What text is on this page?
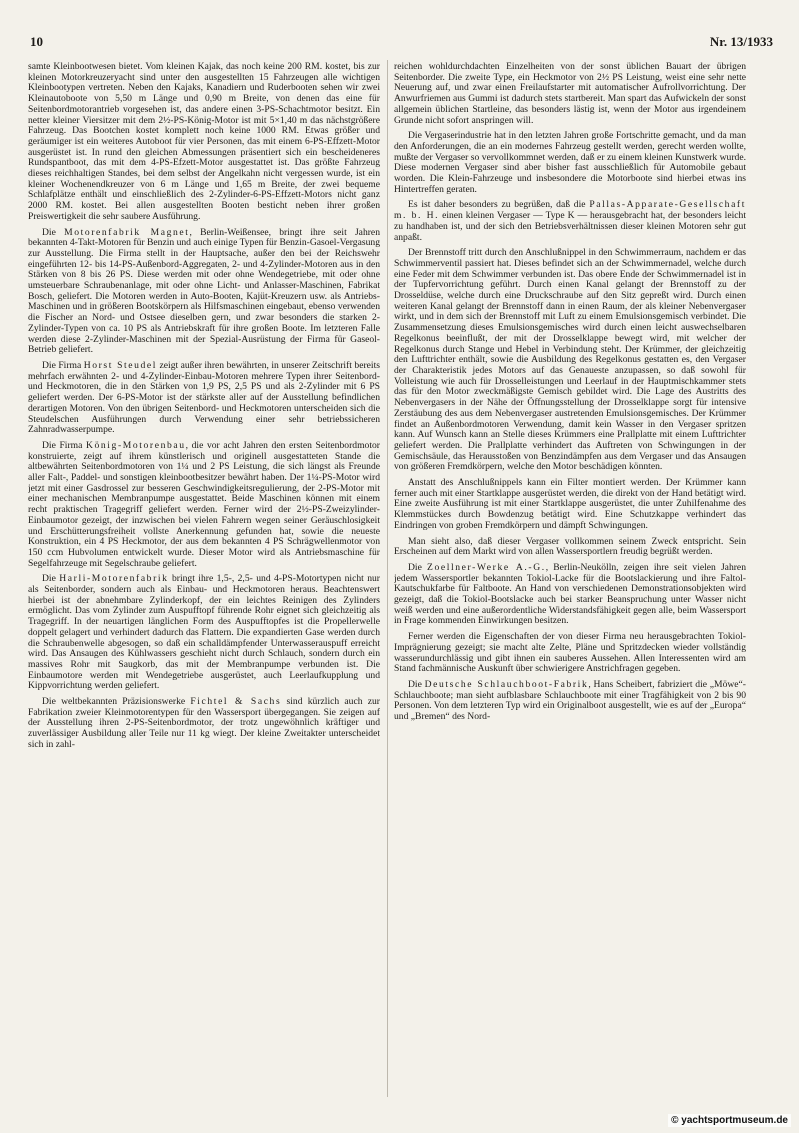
10	Nr. 13/1933

samte Kleinbootwesen bietet. Vom kleinen Kajak, das noch keine 200 RM. kostet, bis zur kleinen Motorkreuzeryacht sind unter den ausgestellten 15 Fahrzeugen alle wichtigen Kleinbootypen vertreten. Neben den Kajaks, Kanadiern und Ruderbooten sehen wir zwei Kleinautoboote von 5,50 m Länge und 0,90 m Breite, von denen das eine für Seitenbordmotorantrieb vorgesehen ist, das andere einen 3-PS-Schachtmotor besitzt. Ein netter kleiner Viersitzer mit dem 2½-PS-König-Motor ist mit 5×1,40 m das nächstgrößere Fahrzeug. Das Bootchen kostet komplett noch keine 1000 RM. Etwas größer und geräumiger ist ein weiteres Autoboot für vier Personen, das mit einem 6-PS-Effzett-Motor ausgerüstet ist. In rund den gleichen Abmessungen präsentiert sich ein bescheideneres Rundspantboot, das mit dem 4-PS-Efzett-Motor ausgestattet ist. Das größte Fahrzeug dieses reichhaltigen Standes, bei dem selbst der Angelkahn nicht vergessen wurde, ist ein kleiner Wochenendkreuzer von 6 m Länge und 1,65 m Breite, der zwei bequeme Schlafplätze enthält und einschließlich des 2-Zylinder-6-PS-Effzett-Motors nicht ganz 2000 RM. kostet. Bei allen ausgestellten Booten besticht neben ihrer großen Preiswertigkeit die sehr saubere Ausführung.

Die Motorenfabrik Magnet, Berlin-Weißensee, bringt ihre seit Jahren bekannten 4-Takt-Motoren für Benzin und auch einige Typen für Benzin-Gasoel-Vergasung zur Ausstellung. Die Firma stellt in der Hauptsache, außer den bei der Reichswehr eingeführten 12- bis 14-PS-Außenbord-Aggregaten, 2- und 4-Zylinder-Motoren aus in den Stärken von 8 bis 26 PS. Diese werden mit oder ohne Wendegetriebe, mit oder ohne umsteuerbare Schraubenanlage, mit oder ohne Licht- und Anlasser-Maschinen, Fabrikat Bosch, geliefert. Die Motoren werden in Auto-Booten, Kajüt-Kreuzern usw. als Antriebs-Maschinen und in größeren Bootskörpern als Hilfsmaschinen eingebaut, ebenso verwenden die Fischer an Nord- und Ostsee dieselben gern, und zwar besonders die starken 2-Zylinder-Typen von ca. 10 PS als Antriebskraft für ihre großen Boote. Im letzteren Falle werden diese 2-Zylinder-Maschinen mit der Spezial-Ausrüstung der Firma für Gaseol-Betrieb geliefert.

Die Firma Horst Steudel zeigt außer ihren bewährten, in unserer Zeitschrift bereits mehrfach erwähnten 2- und 4-Zylinder-Einbau-Motoren mehrere Typen ihrer Seitenbord- und Heckmotoren, die in den Stärken von 1,9 PS, 2,5 PS und als 2-Zylinder mit 6 PS geliefert werden. Der 6-PS-Motor ist der stärkste aller auf der Ausstellung befindlichen derartigen Motoren. Von den übrigen Seitenbord- und Heckmotoren unterscheiden sich die Steudelschen Ausführungen durch Verwendung einer sehr betriebssicheren Zahnradwasserpumpe.

Die Firma König-Motorenbau, die vor acht Jahren den ersten Seitenbordmotor konstruierte, zeigt auf ihrem künstlerisch und originell ausgestatteten Stande die altbewährten Seitenbordmotoren von 1¼ und 2 PS Leistung, die sich längst als Freunde aller Falt-, Paddel- und sonstigen kleinbootbesitzer bewährt haben. Der 1¼-PS-Motor wird jetzt mit einer Gasdrossel zur besseren Geschwindigkeitsregulierung, der 2-PS-Motor mit einer mechanischen Membranpumpe ausgestattet. Beide Maschinen können mit einem recht praktischen Tragegriff geliefert werden. Ferner wird der 2½-PS-Zweizylinder-Einbaumotor gezeigt, der inzwischen bei vielen Fahrern wegen seiner Geräuschlosigkeit und Erschütterungsfreiheit vollste Anerkennung gefunden hat, sowie die neueste Konstruktion, ein 4 PS Heckmotor, der aus dem bekannten 4 PS Schrägwellenmotor von 150 ccm Hubvolumen entwickelt wurde. Dieser Motor wird als Antriebsmaschine für Segelfahrzeuge mit Segelschraube geliefert.

Die Harli-Motorenfabrik bringt ihre 1,5-, 2,5- und 4-PS-Motortypen nicht nur als Seitenborder, sondern auch als Einbau- und Heckmotoren heraus. Beachtenswert hierbei ist der abnehmbare Zylinderkopf, der ein leichtes Reinigen des Zylinders ermöglicht. Das vom Zylinder zum Auspufftopf führende Rohr eignet sich gleichzeitig als Tragegriff. In der neuartigen länglichen Form des Auspufftopfes ist die Propellerwelle doppelt gelagert und verhindert dadurch das Flattern. Die expandierten Gase werden durch die Schraubenwelle abgesogen, so daß ein schalldämpfender Unterwasserauspuff erreicht wird. Das Ansaugen des Kühlwassers geschieht nicht durch Schlauch, sondern durch ein massives Rohr mit Saugkorb, das mit der Membranpumpe verbunden ist. Die Einbaumotore werden mit Wendegetriebe ausgerüstet, auch Leerlaufkupplung und Kippvorrichtung werden geliefert.

Die weltbekannten Präzisionswerke Fichtel & Sachs sind kürzlich auch zur Fabrikation zweier Kleinmotorentypen für den Wassersport übergegangen. Sie zeigen auf der Ausstellung ihren 2-PS-Seitenbordmotor, der trotz ungewöhnlich kräftiger und zuverlässiger Ausbildung aller Teile nur 11 kg wiegt. Der kleine Zweitakter unterscheidet sich in zahl-

reichen wohldurchdachten Einzelheiten von der sonst üblichen Bauart der übrigen Seitenborder. Die zweite Type, ein Heckmotor von 2½ PS Leistung, weist eine sehr nette Neuerung auf, und zwar einen Freilaufstarter mit automatischer Aufrollvorrichtung. Der Anwurfriemen aus Gummi ist dadurch stets startbereit. Man spart das Aufwickeln der sonst allgemein üblichen Startleine, das besonders lästig ist, wenn der Motor aus irgendeinem Grunde nicht sofort anspringen will.

Die Vergaserindustrie hat in den letzten Jahren große Fortschritte gemacht, und da man den Anforderungen, die an ein modernes Fahrzeug gestellt werden, gerecht werden wollte, mußte der Vergaser so vervollkommnet werden, daß er zu einem kleinen Kunstwerk wurde. Diese modernen Vergaser sind aber bisher fast ausschließlich für Automobile gebaut worden. Die Klein-Fahrzeuge und insbesondere die Motorboote sind hierbei etwas ins Hintertreffen geraten.

Es ist daher besonders zu begrüßen, daß die Pallas-Apparate-Gesellschaft m. b. H. einen kleinen Vergaser — Type K — herausgebracht hat, der besonders leicht zu handhaben ist, und der sich den Betriebsverhältnissen dieser kleinen Motoren sehr gut anpaßt.

Der Brennstoff tritt durch den Anschlußnippel in den Schwimmerraum, nachdem er das Schwimmerventil passiert hat. Dieses befindet sich an der Schwimmernadel, welche durch eine Feder mit dem Schwimmer verbunden ist. Das obere Ende der Schwimmernadel ist in der Tupfervorrichtung geführt. Durch einen Kanal gelangt der Brennstoff zu der Drosseldüse, welche durch eine Druckschraube auf den Sitz gepreßt wird. Durch einen weiteren Kanal gelangt der Brennstoff dann in einen Raum, der als kleiner Nebenvergaser wirkt, und in dem sich der Brennstoff mit Luft zu einem Emulsionsgemisch verbindet. Die Zusammensetzung dieses Emulsionsgemisches wird durch einen leicht auswechselbaren Regelkonus beeinflußt, der mit der Drosselklappe bewegt wird, mit welcher der Regelkonus durch Stange und Hebel in Verbindung steht. Der Krümmer, der gleichzeitig den Lufttrichter enthält, sowie die Ausbildung des Regelkonus gestatten es, den Vergaser der Charakteristik jedes Motors auf das Genaueste anzupassen, so daß sowohl für Volleistung wie auch für Drosselleistungen und Leerlauf in der Hauptmischkammer stets das für den Motor zweckmäßigste Gemisch gebildet wird. Die Lage des Austritts des Nebenvergasers in der Nähe der Öffnungsstellung der Drosselklappe sorgt für intensive Zerstäubung des aus dem Nebenvergaser austretenden Emulsionsgemisches. Der Krümmer findet an Außenbordmotoren Verwendung, damit kein Wasser in den Vergaser spritzen kann. Auf Wunsch kann an Stelle dieses Krümmers eine Prallplatte mit einem Lufttrichter geliefert werden. Die Prallplatte verhindert das Auftreten von Schwingungen in der Gemischsäule, das Herausstoßen von Benzindämpfen aus dem Vergaser und das Ansaugen von größeren Fremdkörpern, welche den Motor beschädigen könnten.

Anstatt des Anschlußnippels kann ein Filter montiert werden. Der Krümmer kann ferner auch mit einer Startklappe ausgerüstet werden, die direkt von der Hand betätigt wird. Eine zweite Ausführung ist mit einer Startklappe ausgerüstet, die unter Zuhilfenahme des Klemmstückes durch Bowdenzug betätigt wird. Eine Schutzkappe verhindert das Eindringen von groben Fremdkörpern und dämpft Schwingungen.

Man sieht also, daß dieser Vergaser vollkommen seinem Zweck entspricht. Sein Erscheinen auf dem Markt wird von allen Wassersportlern freudig begrüßt werden.

Die Zoellner-Werke A.-G., Berlin-Neukölln, zeigen ihre seit vielen Jahren jedem Wassersportler bekannten Tokiol-Lacke für die Bootslackierung und ihre Faltol-Kautschukfarbe für Faltboote. An Hand von verschiedenen Demonstrationsobjekten wird gezeigt, daß die Tokiol-Bootslacke auch bei starker Beanspruchung unter Wasser nicht weiß werden und eine außerordentliche Widerstandsfähigkeit gegen alle, beim Wassersport in Frage kommenden Einwirkungen besitzen.

Ferner werden die Eigenschaften der von dieser Firma neu herausgebrachten Tokiol-Imprägnierung gezeigt; sie macht alte Zelte, Pläne und Spritzdecken wieder vollständig wasserundurchlässig und gibt ihnen ein sauberes Aussehen. Allen Interessenten wird am Stand fachmännische Auskunft über schwierigere Anstrichfragen gegeben.

Die Deutsche Schlauchboot-Fabrik, Hans Scheibert, fabriziert die „Möwe“-Schlauchboote; man sieht aufblasbare Schlauchboote mit einer Tragfähigkeit von 2 bis 90 Personen. Von dem letzteren Typ wird ein Originalboot ausgestellt, wie es auf der „Europa“ und „Bremen“ des Nord-

© yachtsportmuseum.de
